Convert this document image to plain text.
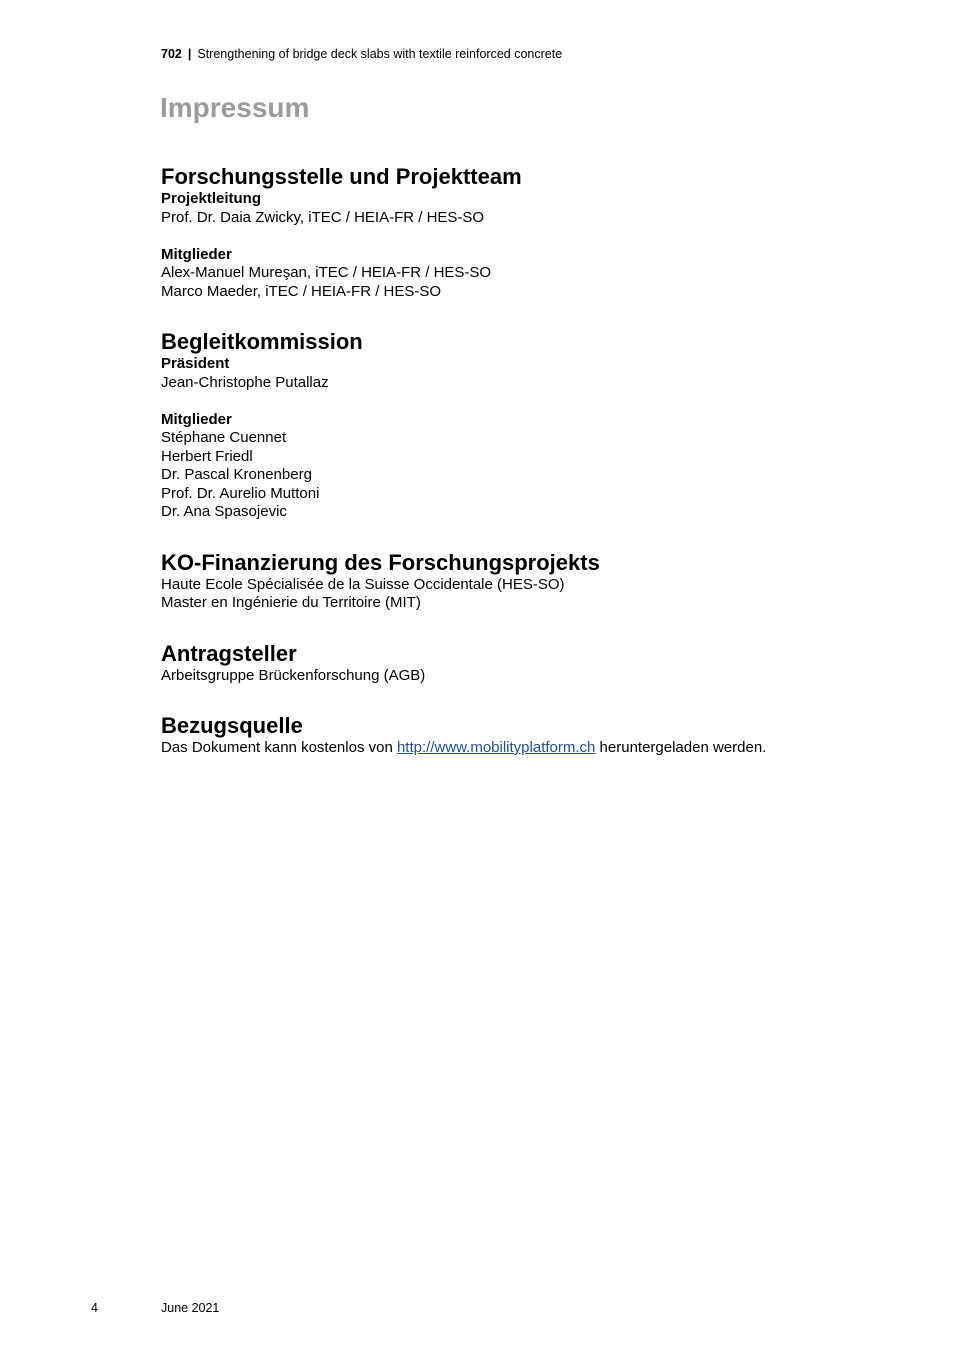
702 | Strengthening of bridge deck slabs with textile reinforced concrete
Impressum
Forschungsstelle und Projektteam
Projektleitung

Prof. Dr. Daia Zwicky, iTEC / HEIA-FR / HES-SO

Mitglieder

Alex-Manuel Mureşan, iTEC / HEIA-FR / HES-SO

Marco Maeder, iTEC / HEIA-FR / HES-SO

Begleitkommission
Präsident

Jean-Christophe Putallaz

Mitglieder

Stéphane Cuennet

Herbert Friedl

Dr. Pascal Kronenberg

Prof. Dr. Aurelio Muttoni

Dr. Ana Spasojevic

KO-Finanzierung des Forschungsprojekts

Haute Ecole Spécialisée de la Suisse Occidentale (HES-SO)

Master en Ingénierie du Territoire (MIT)

Antragsteller

Arbeitsgruppe Brückenforschung (AGB)

Bezugsquelle

Das Dokument kann kostenlos von http://www.mobilityplatform.ch heruntergeladen werden.

4	June 2021
